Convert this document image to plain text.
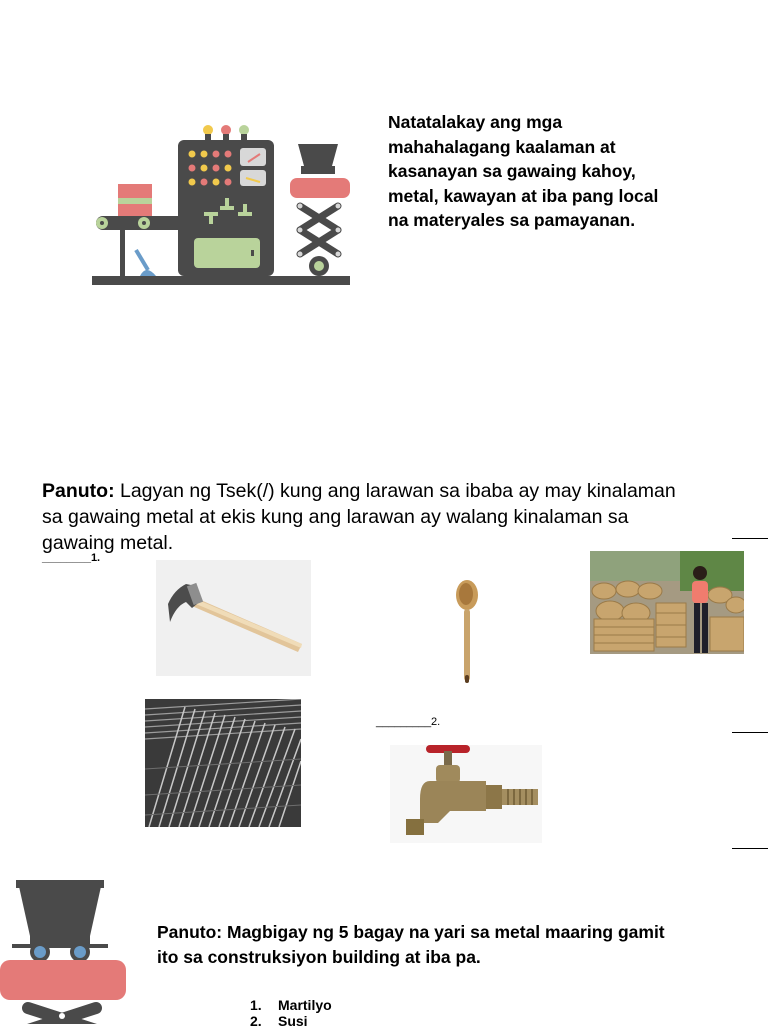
Natatalakay ang mga mahahalagang kaalaman at kasanayan sa gawaing kahoy, metal, kawayan at iba pang local na materyales sa pamayanan.
Panuto: Lagyan ng Tsek(/) kung ang larawan sa ibaba ay may kinalaman sa gawaing metal at ekis kung ang larawan ay walang kinalaman sa gawaing metal.
________1.
_________2.
Panuto: Magbigay ng 5 bagay na yari sa metal maaring gamit ito sa construksiyon building at iba pa.
1. Martilyo
2. Susi
